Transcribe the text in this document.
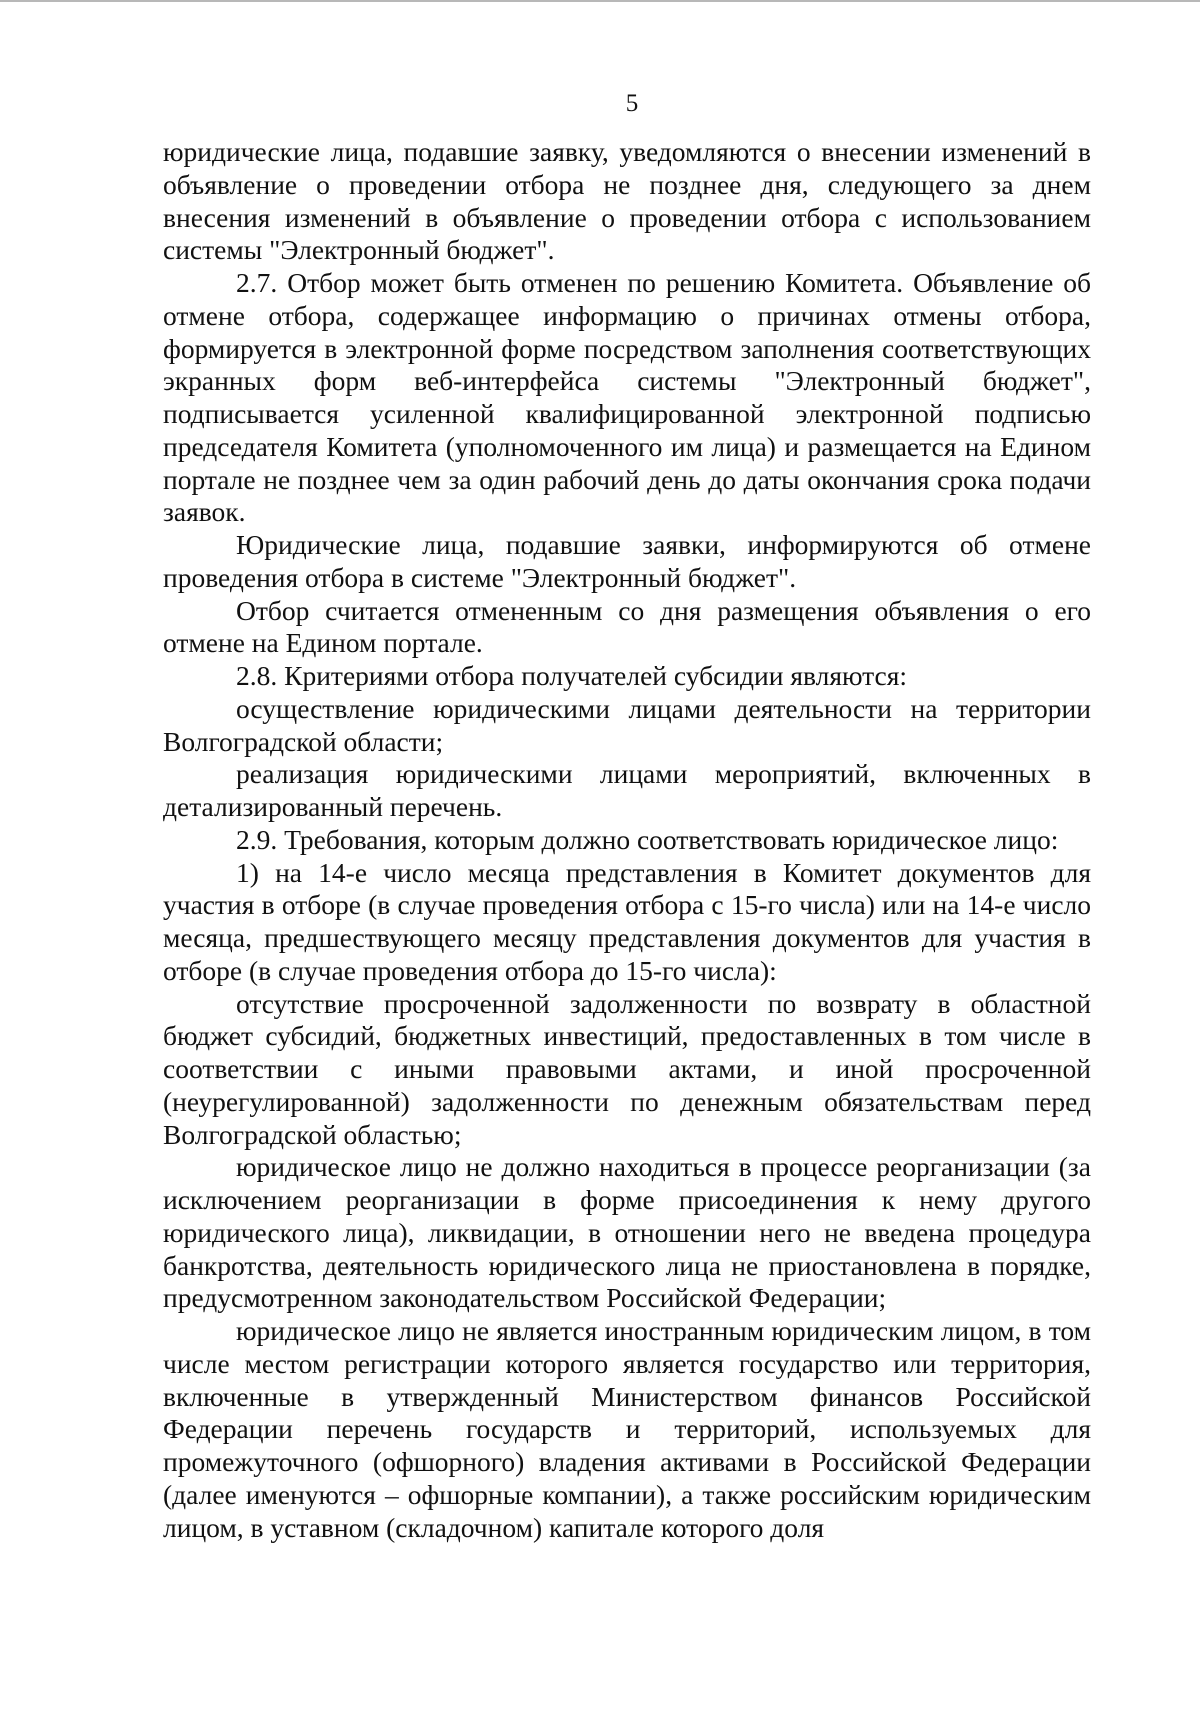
5

юридические лица, подавшие заявку, уведомляются о внесении изменений в объявление о проведении отбора не позднее дня, следующего за днем внесения изменений в объявление о проведении отбора с использованием системы "Электронный бюджет".

2.7. Отбор может быть отменен по решению Комитета. Объявление об отмене отбора, содержащее информацию о причинах отмены отбора, формируется в электронной форме посредством заполнения соответствующих экранных форм веб-интерфейса системы "Электронный бюджет", подписывается усиленной квалифицированной электронной подписью председателя Комитета (уполномоченного им лица) и размещается на Едином портале не позднее чем за один рабочий день до даты окончания срока подачи заявок.

Юридические лица, подавшие заявки, информируются об отмене проведения отбора в системе "Электронный бюджет".

Отбор считается отмененным со дня размещения объявления о его отмене на Едином портале.

2.8. Критериями отбора получателей субсидии являются:

осуществление юридическими лицами деятельности на территории Волгоградской области;

реализация юридическими лицами мероприятий, включенных в детализированный перечень.

2.9. Требования, которым должно соответствовать юридическое лицо:

1) на 14-е число месяца представления в Комитет документов для участия в отборе (в случае проведения отбора с 15-го числа) или на 14-е число месяца, предшествующего месяцу представления документов для участия в отборе (в случае проведения отбора до 15-го числа):

отсутствие просроченной задолженности по возврату в областной бюджет субсидий, бюджетных инвестиций, предоставленных в том числе в соответствии с иными правовыми актами, и иной просроченной (неурегулированной) задолженности по денежным обязательствам перед Волгоградской областью;

юридическое лицо не должно находиться в процессе реорганизации (за исключением реорганизации в форме присоединения к нему другого юридического лица), ликвидации, в отношении него не введена процедура банкротства, деятельность юридического лица не приостановлена в порядке, предусмотренном законодательством Российской Федерации;

юридическое лицо не является иностранным юридическим лицом, в том числе местом регистрации которого является государство или территория, включенные в утвержденный Министерством финансов Российской Федерации перечень государств и территорий, используемых для промежуточного (офшорного) владения активами в Российской Федерации (далее именуются – офшорные компании), а также российским юридическим лицом, в уставном (складочном) капитале которого доля
